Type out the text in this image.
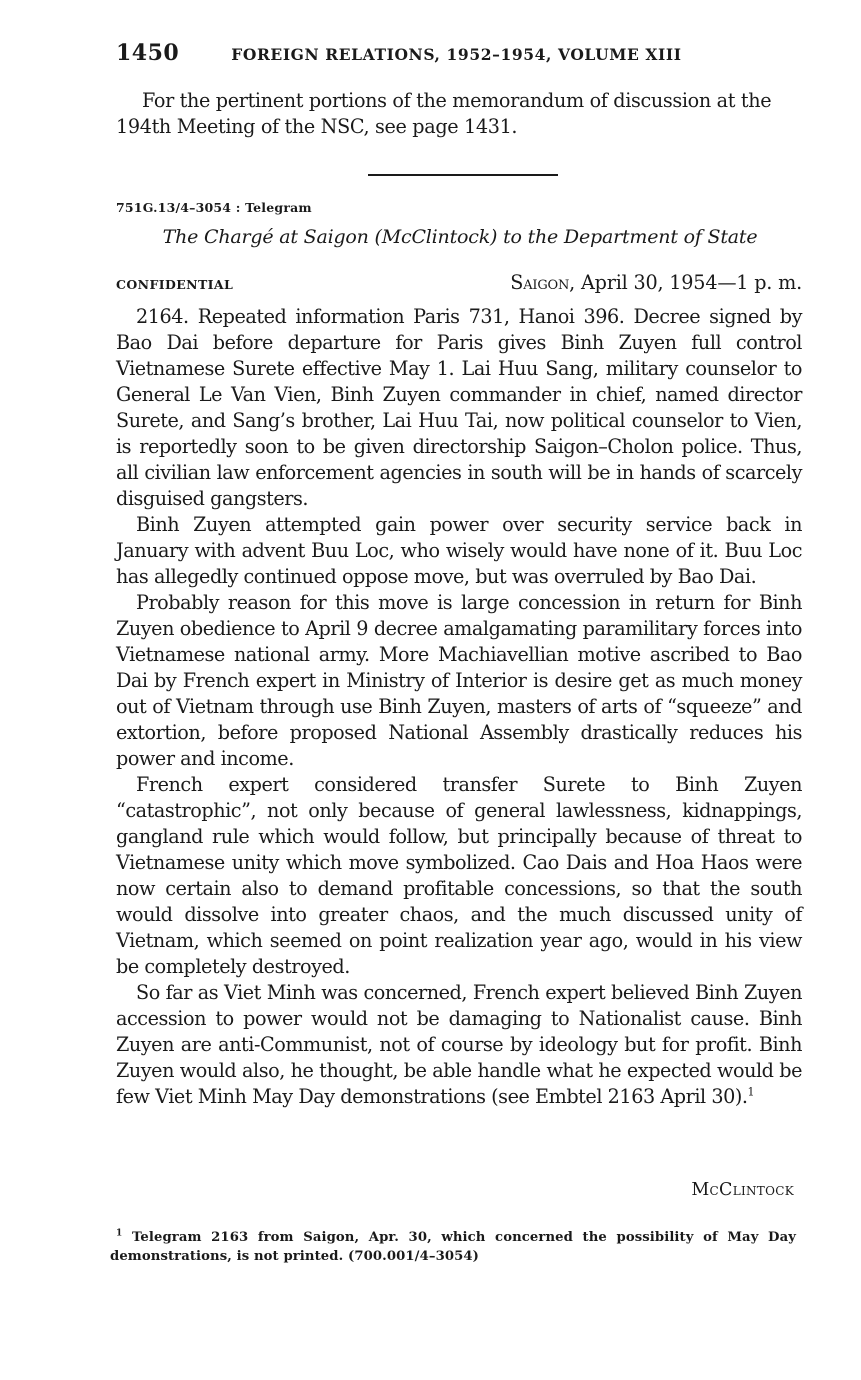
1450	FOREIGN RELATIONS, 1952–1954, VOLUME XIII

For the pertinent portions of the memorandum of discussion at the 194th Meeting of the NSC, see page 1431.

751G.13/4–3054 : Telegram
The Chargé at Saigon (McClintock) to the Department of State
CONFIDENTIAL	Saigon, April 30, 1954—1 p. m.

2164. Repeated information Paris 731, Hanoi 396. Decree signed by Bao Dai before departure for Paris gives Binh Zuyen full control Vietnamese Surete effective May 1. Lai Huu Sang, military counselor to General Le Van Vien, Binh Zuyen commander in chief, named director Surete, and Sang’s brother, Lai Huu Tai, now political counselor to Vien, is reportedly soon to be given directorship Saigon–Cholon police. Thus, all civilian law enforcement agencies in south will be in hands of scarcely disguised gangsters.

Binh Zuyen attempted gain power over security service back in January with advent Buu Loc, who wisely would have none of it. Buu Loc has allegedly continued oppose move, but was overruled by Bao Dai.

Probably reason for this move is large concession in return for Binh Zuyen obedience to April 9 decree amalgamating paramilitary forces into Vietnamese national army. More Machiavellian motive ascribed to Bao Dai by French expert in Ministry of Interior is desire get as much money out of Vietnam through use Binh Zuyen, masters of arts of “squeeze” and extortion, before proposed National Assembly drastically reduces his power and income.

French expert considered transfer Surete to Binh Zuyen “catastrophic”, not only because of general lawlessness, kidnappings, gangland rule which would follow, but principally because of threat to Vietnamese unity which move symbolized. Cao Dais and Hoa Haos were now certain also to demand profitable concessions, so that the south would dissolve into greater chaos, and the much discussed unity of Vietnam, which seemed on point realization year ago, would in his view be completely destroyed.

So far as Viet Minh was concerned, French expert believed Binh Zuyen accession to power would not be damaging to Nationalist cause. Binh Zuyen are anti-Communist, not of course by ideology but for profit. Binh Zuyen would also, he thought, be able handle what he expected would be few Viet Minh May Day demonstrations (see Embtel 2163 April 30).$^1$

McClintock

$^1$ Telegram 2163 from Saigon, Apr. 30, which concerned the possibility of May Day demonstrations, is not printed. (700.001/4–3054)
